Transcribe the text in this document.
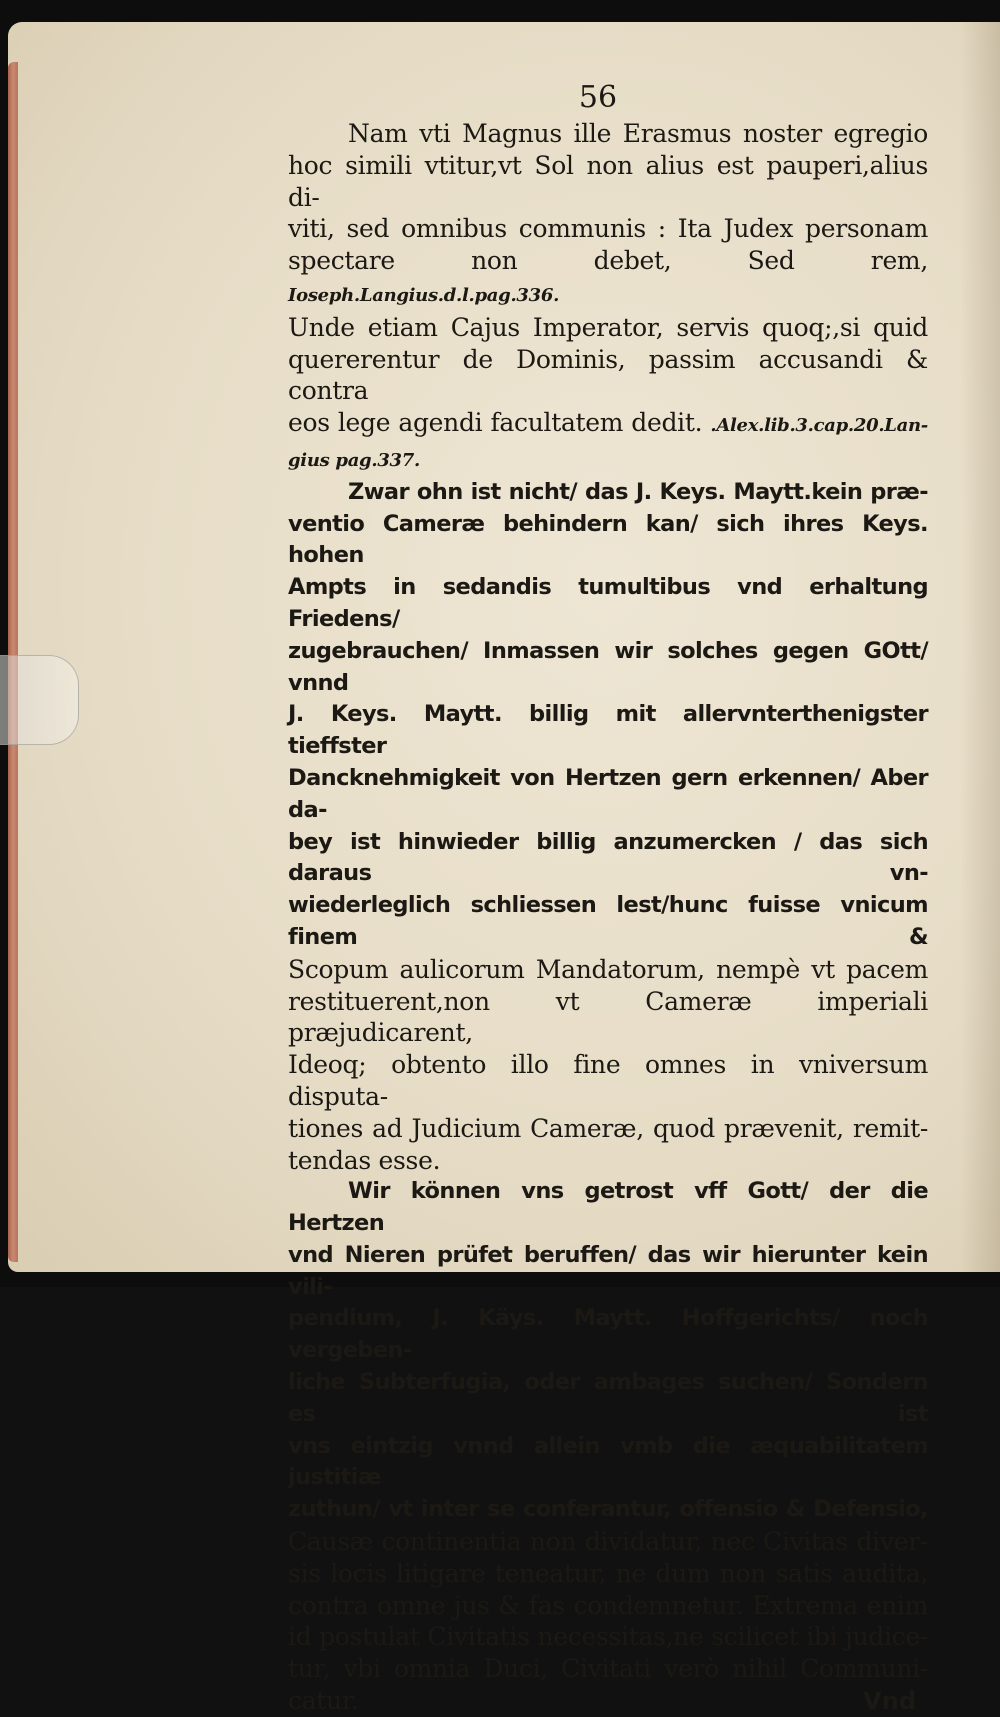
56
Nam vti Magnus ille Erasmus noster egregio
hoc simili vtitur,vt Sol non alius est pauperi,alius di-
viti, sed omnibus communis : Ita Judex personam
spectare non debet, Sed rem, Ioseph.Langius.d.l.pag.336.
Unde etiam Cajus Imperator, servis quoq;,si quid
quererentur de Dominis, passim accusandi & contra
eos lege agendi facultatem dedit. .Alex.lib.3.cap.20.Lan-
gius pag.337.
Zwar ohn ist nicht/ das J. Keys. Maytt.kein præ-
ventio Cameræ behindern kan/ sich ihres Keys. hohen
Ampts in sedandis tumultibus vnd erhaltung Friedens/
zugebrauchen/ Inmassen wir solches gegen GOtt/ vnnd
J. Keys. Maytt. billig mit allervnterthenigster tieffster
Dancknehmigkeit von Hertzen gern erkennen/ Aber da-
bey ist hinwieder billig anzumercken / das sich daraus vn-
wiederleglich schliessen lest/hunc fuisse vnicum finem &
Scopum aulicorum Mandatorum, nempè vt pacem
restituerent,non vt Cameræ imperiali præjudicarent,
Ideoq; obtento illo fine omnes in vniversum disputa-
tiones ad Judicium Cameræ, quod prævenit, remit-
tendas esse.
Wir können vns getrost vff Gott/ der die Hertzen
vnd Nieren prüfet beruffen/ das wir hierunter kein vili-
pendium, J. Käys. Maytt. Hoffgerichts/ noch vergeben-
liche Subterfugia, oder ambages suchen/ Sondern es ist
vns eintzig vnnd allein vmb die æquabilitatem justitiæ
zuthun/ vt inter se conferantur, offensio & Defensio,
Causæ continentia non dividatur, nec Civitas diver-
sis locis litigare teneatur, ne dum non satis audita,
contra omne jus & fas condemnetur. Extrema enim
id postulat Civitatis necessitas,ne scilicet ibi judice-
tur, vbi omnia Duci, Civitati verò nihil Communi-
catur.	Vnd
